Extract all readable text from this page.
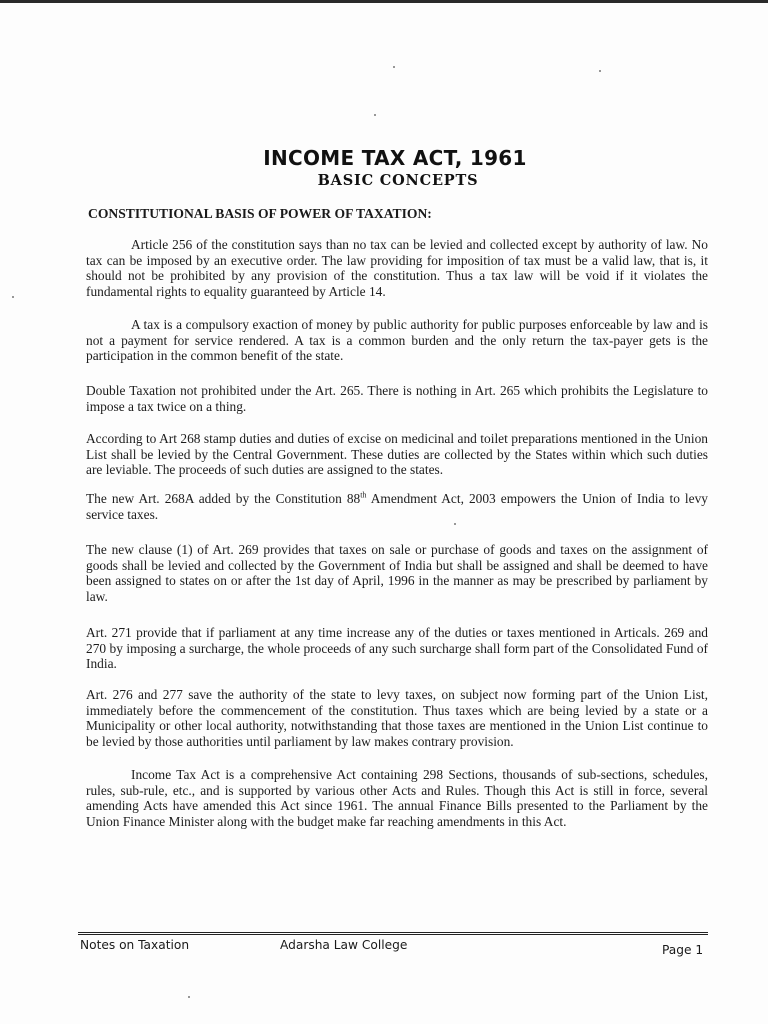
INCOME TAX ACT, 1961
BASIC CONCEPTS
CONSTITUTIONAL BASIS OF POWER OF TAXATION:

Article 256 of the constitution says than no tax can be levied and collected except by authority of law. No tax can be imposed by an executive order. The law providing for imposition of tax must be a valid law, that is, it should not be prohibited by any provision of the constitution. Thus a tax law will be void if it violates the fundamental rights to equality guaranteed by Article 14.

A tax is a compulsory exaction of money by public authority for public purposes enforceable by law and is not a payment for service rendered. A tax is a common burden and the only return the tax-payer gets is the participation in the common benefit of the state.

Double Taxation not prohibited under the Art. 265. There is nothing in Art. 265 which prohibits the Legislature to impose a tax twice on a thing.

According to Art 268 stamp duties and duties of excise on medicinal and toilet preparations mentioned in the Union List shall be levied by the Central Government. These duties are collected by the States within which such duties are leviable. The proceeds of such duties are assigned to the states.

The new Art. 268A added by the Constitution 88th Amendment Act, 2003 empowers the Union of India to levy service taxes.

The new clause (1) of Art. 269 provides that taxes on sale or purchase of goods and taxes on the assignment of goods shall be levied and collected by the Government of India but shall be assigned and shall be deemed to have been assigned to states on or after the 1st day of April, 1996 in the manner as may be prescribed by parliament by law.

Art. 271 provide that if parliament at any time increase any of the duties or taxes mentioned in Articals. 269 and 270 by imposing a surcharge, the whole proceeds of any such surcharge shall form part of the Consolidated Fund of India.

Art. 276 and 277 save the authority of the state to levy taxes, on subject now forming part of the Union List, immediately before the commencement of the constitution. Thus taxes which are being levied by a state or a Municipality or other local authority, notwithstanding that those taxes are mentioned in the Union List continue to be levied by those authorities until parliament by law makes contrary provision.

Income Tax Act is a comprehensive Act containing 298 Sections, thousands of sub-sections, schedules, rules, sub-rule, etc., and is supported by various other Acts and Rules. Though this Act is still in force, several amending Acts have amended this Act since 1961. The annual Finance Bills presented to the Parliament by the Union Finance Minister along with the budget make far reaching amendments in this Act.

Notes on Taxation	Adarsha Law College	Page 1
